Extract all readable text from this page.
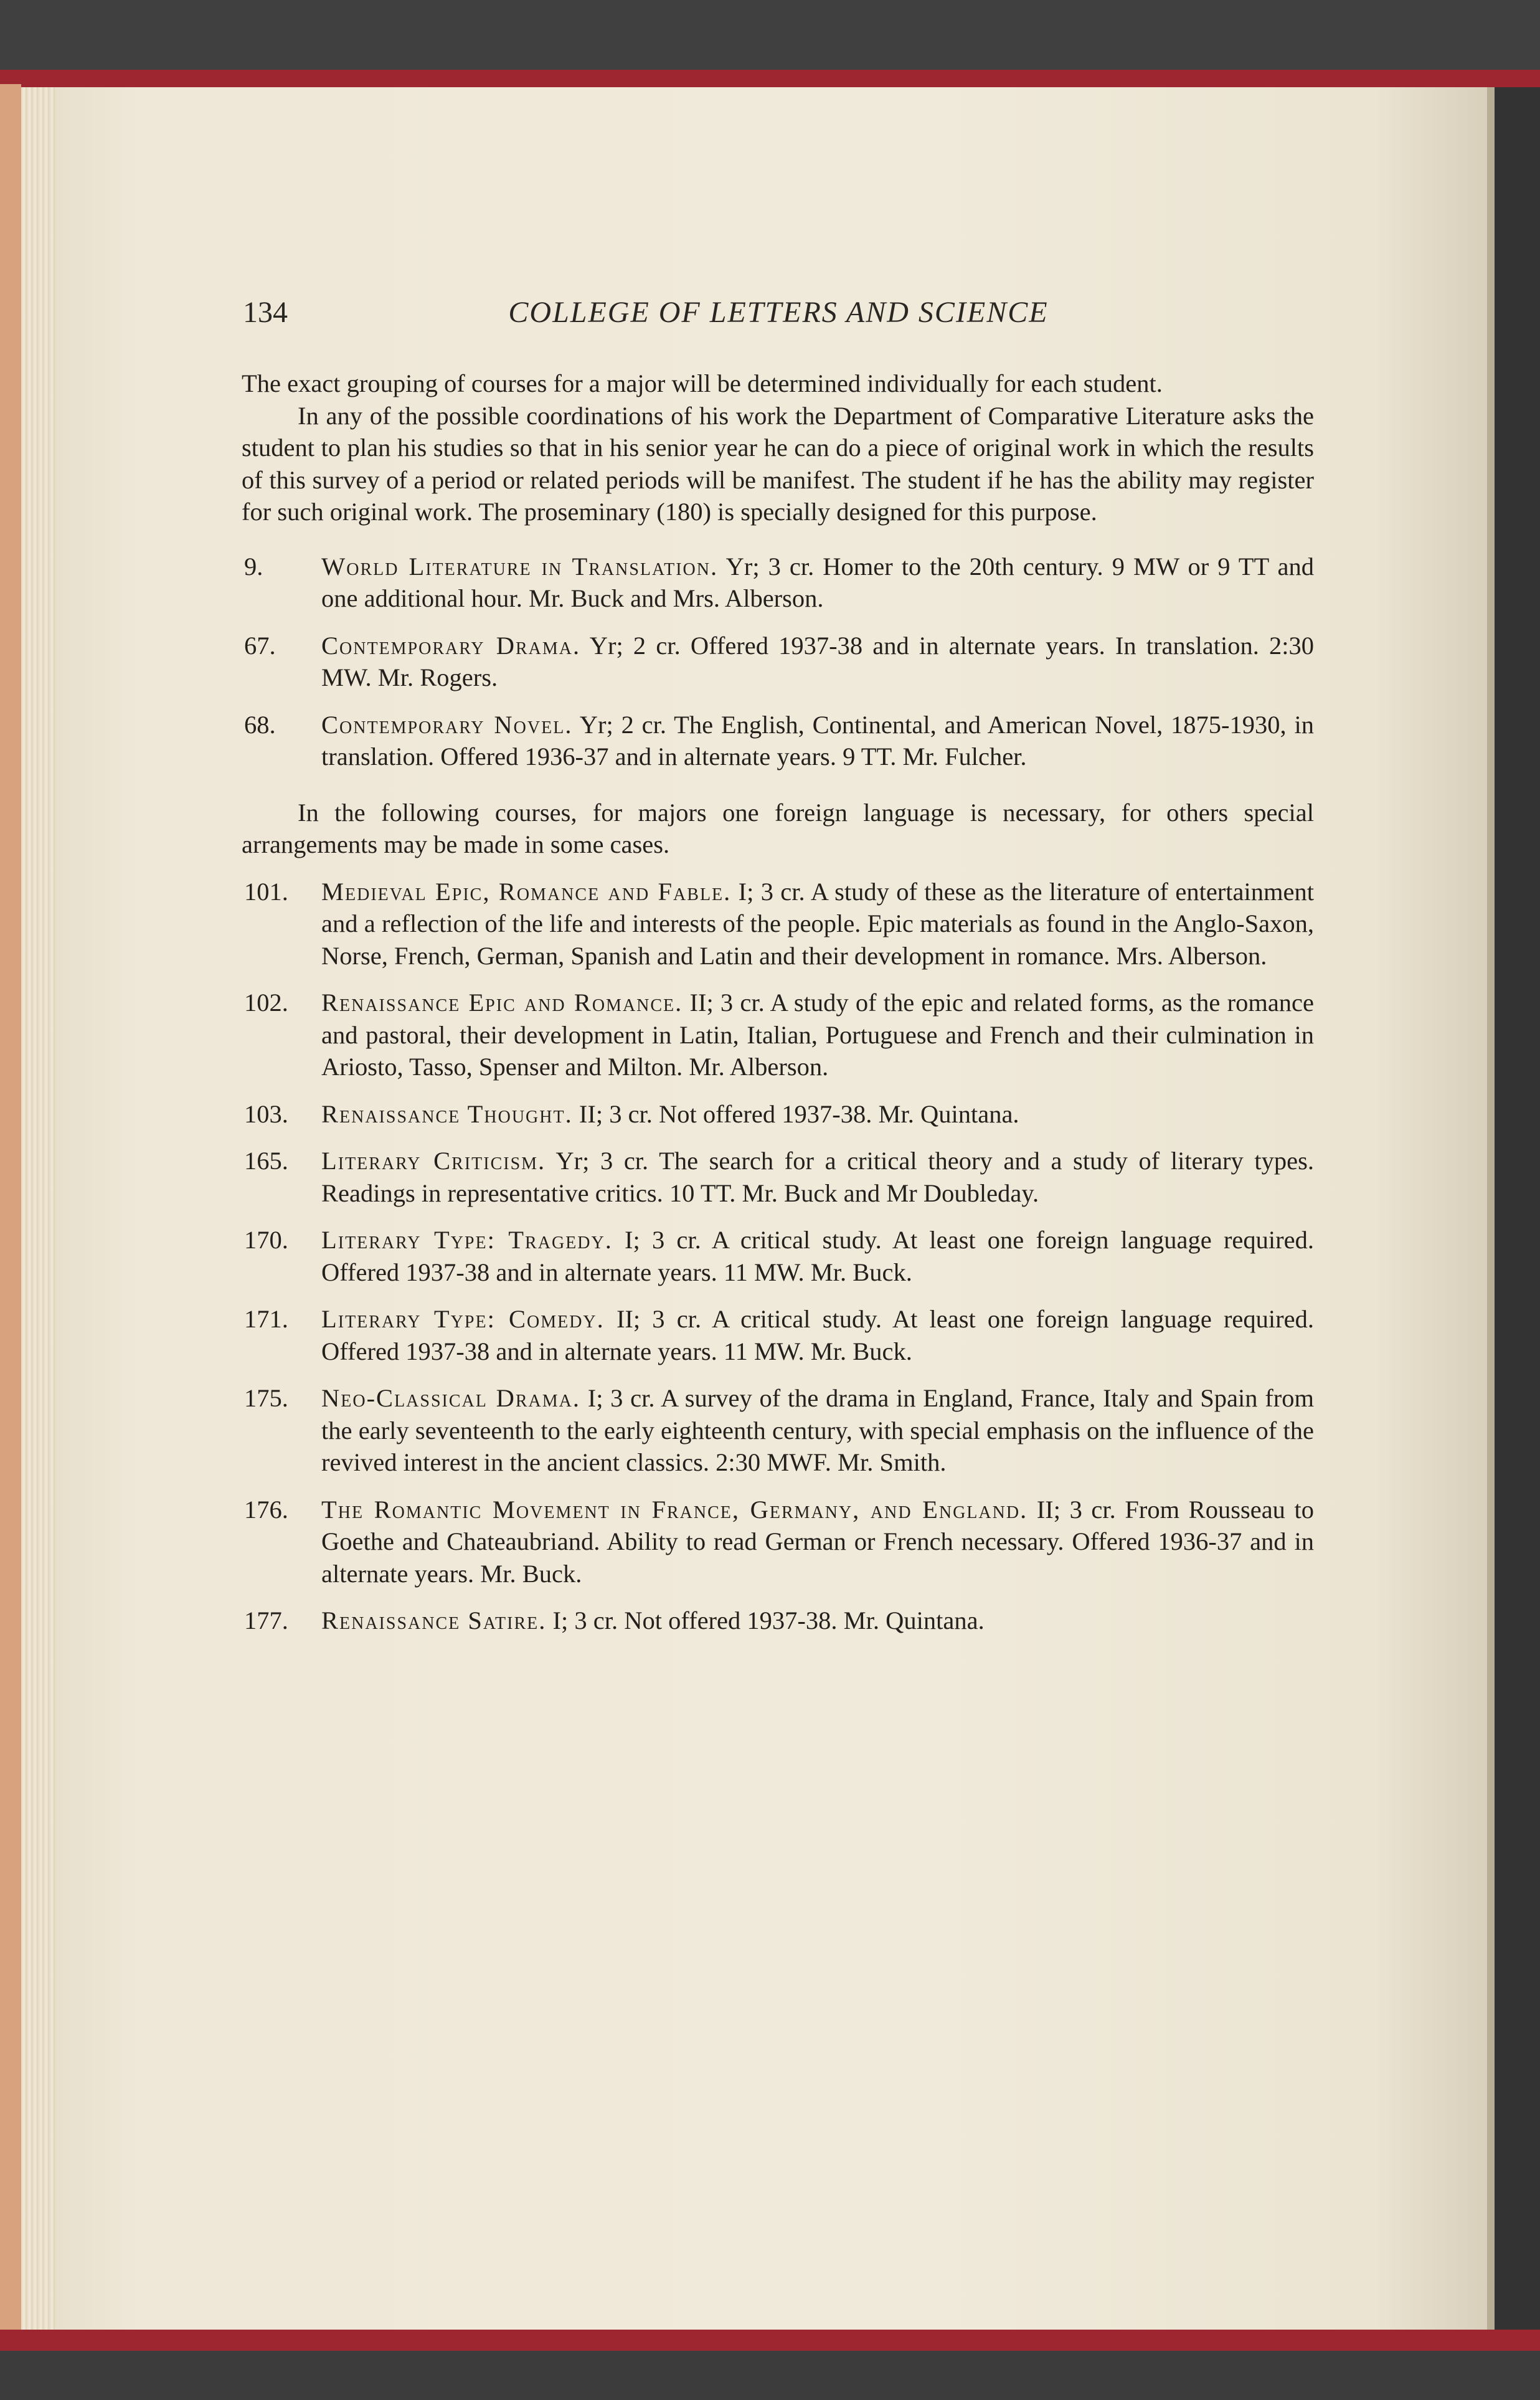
134	COLLEGE OF LETTERS AND SCIENCE

The exact grouping of courses for a major will be determined individually for each student.

In any of the possible coordinations of his work the Department of Comparative Literature asks the student to plan his studies so that in his senior year he can do a piece of original work in which the results of this survey of a period or related periods will be manifest. The student if he has the ability may register for such original work. The proseminary (180) is specially designed for this purpose.

9.	World Literature in Translation. Yr; 3 cr. Homer to the 20th century. 9 MW or 9 TT and one additional hour. Mr. Buck and Mrs. Alberson.
67.	Contemporary Drama. Yr; 2 cr. Offered 1937-38 and in alternate years. In translation. 2:30 MW. Mr. Rogers.
68.	Contemporary Novel. Yr; 2 cr. The English, Continental, and American Novel, 1875-1930, in translation. Offered 1936-37 and in alternate years. 9 TT. Mr. Fulcher.

In the following courses, for majors one foreign language is necessary, for others special arrangements may be made in some cases.

101.	Medieval Epic, Romance and Fable. I; 3 cr. A study of these as the literature of entertainment and a reflection of the life and interests of the people. Epic materials as found in the Anglo-Saxon, Norse, French, German, Spanish and Latin and their development in romance. Mrs. Alberson.
102.	Renaissance Epic and Romance. II; 3 cr. A study of the epic and related forms, as the romance and pastoral, their development in Latin, Italian, Portuguese and French and their culmination in Ariosto, Tasso, Spenser and Milton. Mr. Alberson.
103.	Renaissance Thought. II; 3 cr. Not offered 1937-38. Mr. Quintana.
165.	Literary Criticism. Yr; 3 cr. The search for a critical theory and a study of literary types. Readings in representative critics. 10 TT. Mr. Buck and Mr Doubleday.
170.	Literary Type: Tragedy. I; 3 cr. A critical study. At least one foreign language required. Offered 1937-38 and in alternate years. 11 MW. Mr. Buck.
171.	Literary Type: Comedy. II; 3 cr. A critical study. At least one foreign language required. Offered 1937-38 and in alternate years. 11 MW. Mr. Buck.
175.	Neo-Classical Drama. I; 3 cr. A survey of the drama in England, France, Italy and Spain from the early seventeenth to the early eighteenth century, with special emphasis on the influence of the revived interest in the ancient classics. 2:30 MWF. Mr. Smith.
176.	The Romantic Movement in France, Germany, and England. II; 3 cr. From Rousseau to Goethe and Chateaubriand. Ability to read German or French necessary. Offered 1936-37 and in alternate years. Mr. Buck.
177.	Renaissance Satire. I; 3 cr. Not offered 1937-38. Mr. Quintana.
